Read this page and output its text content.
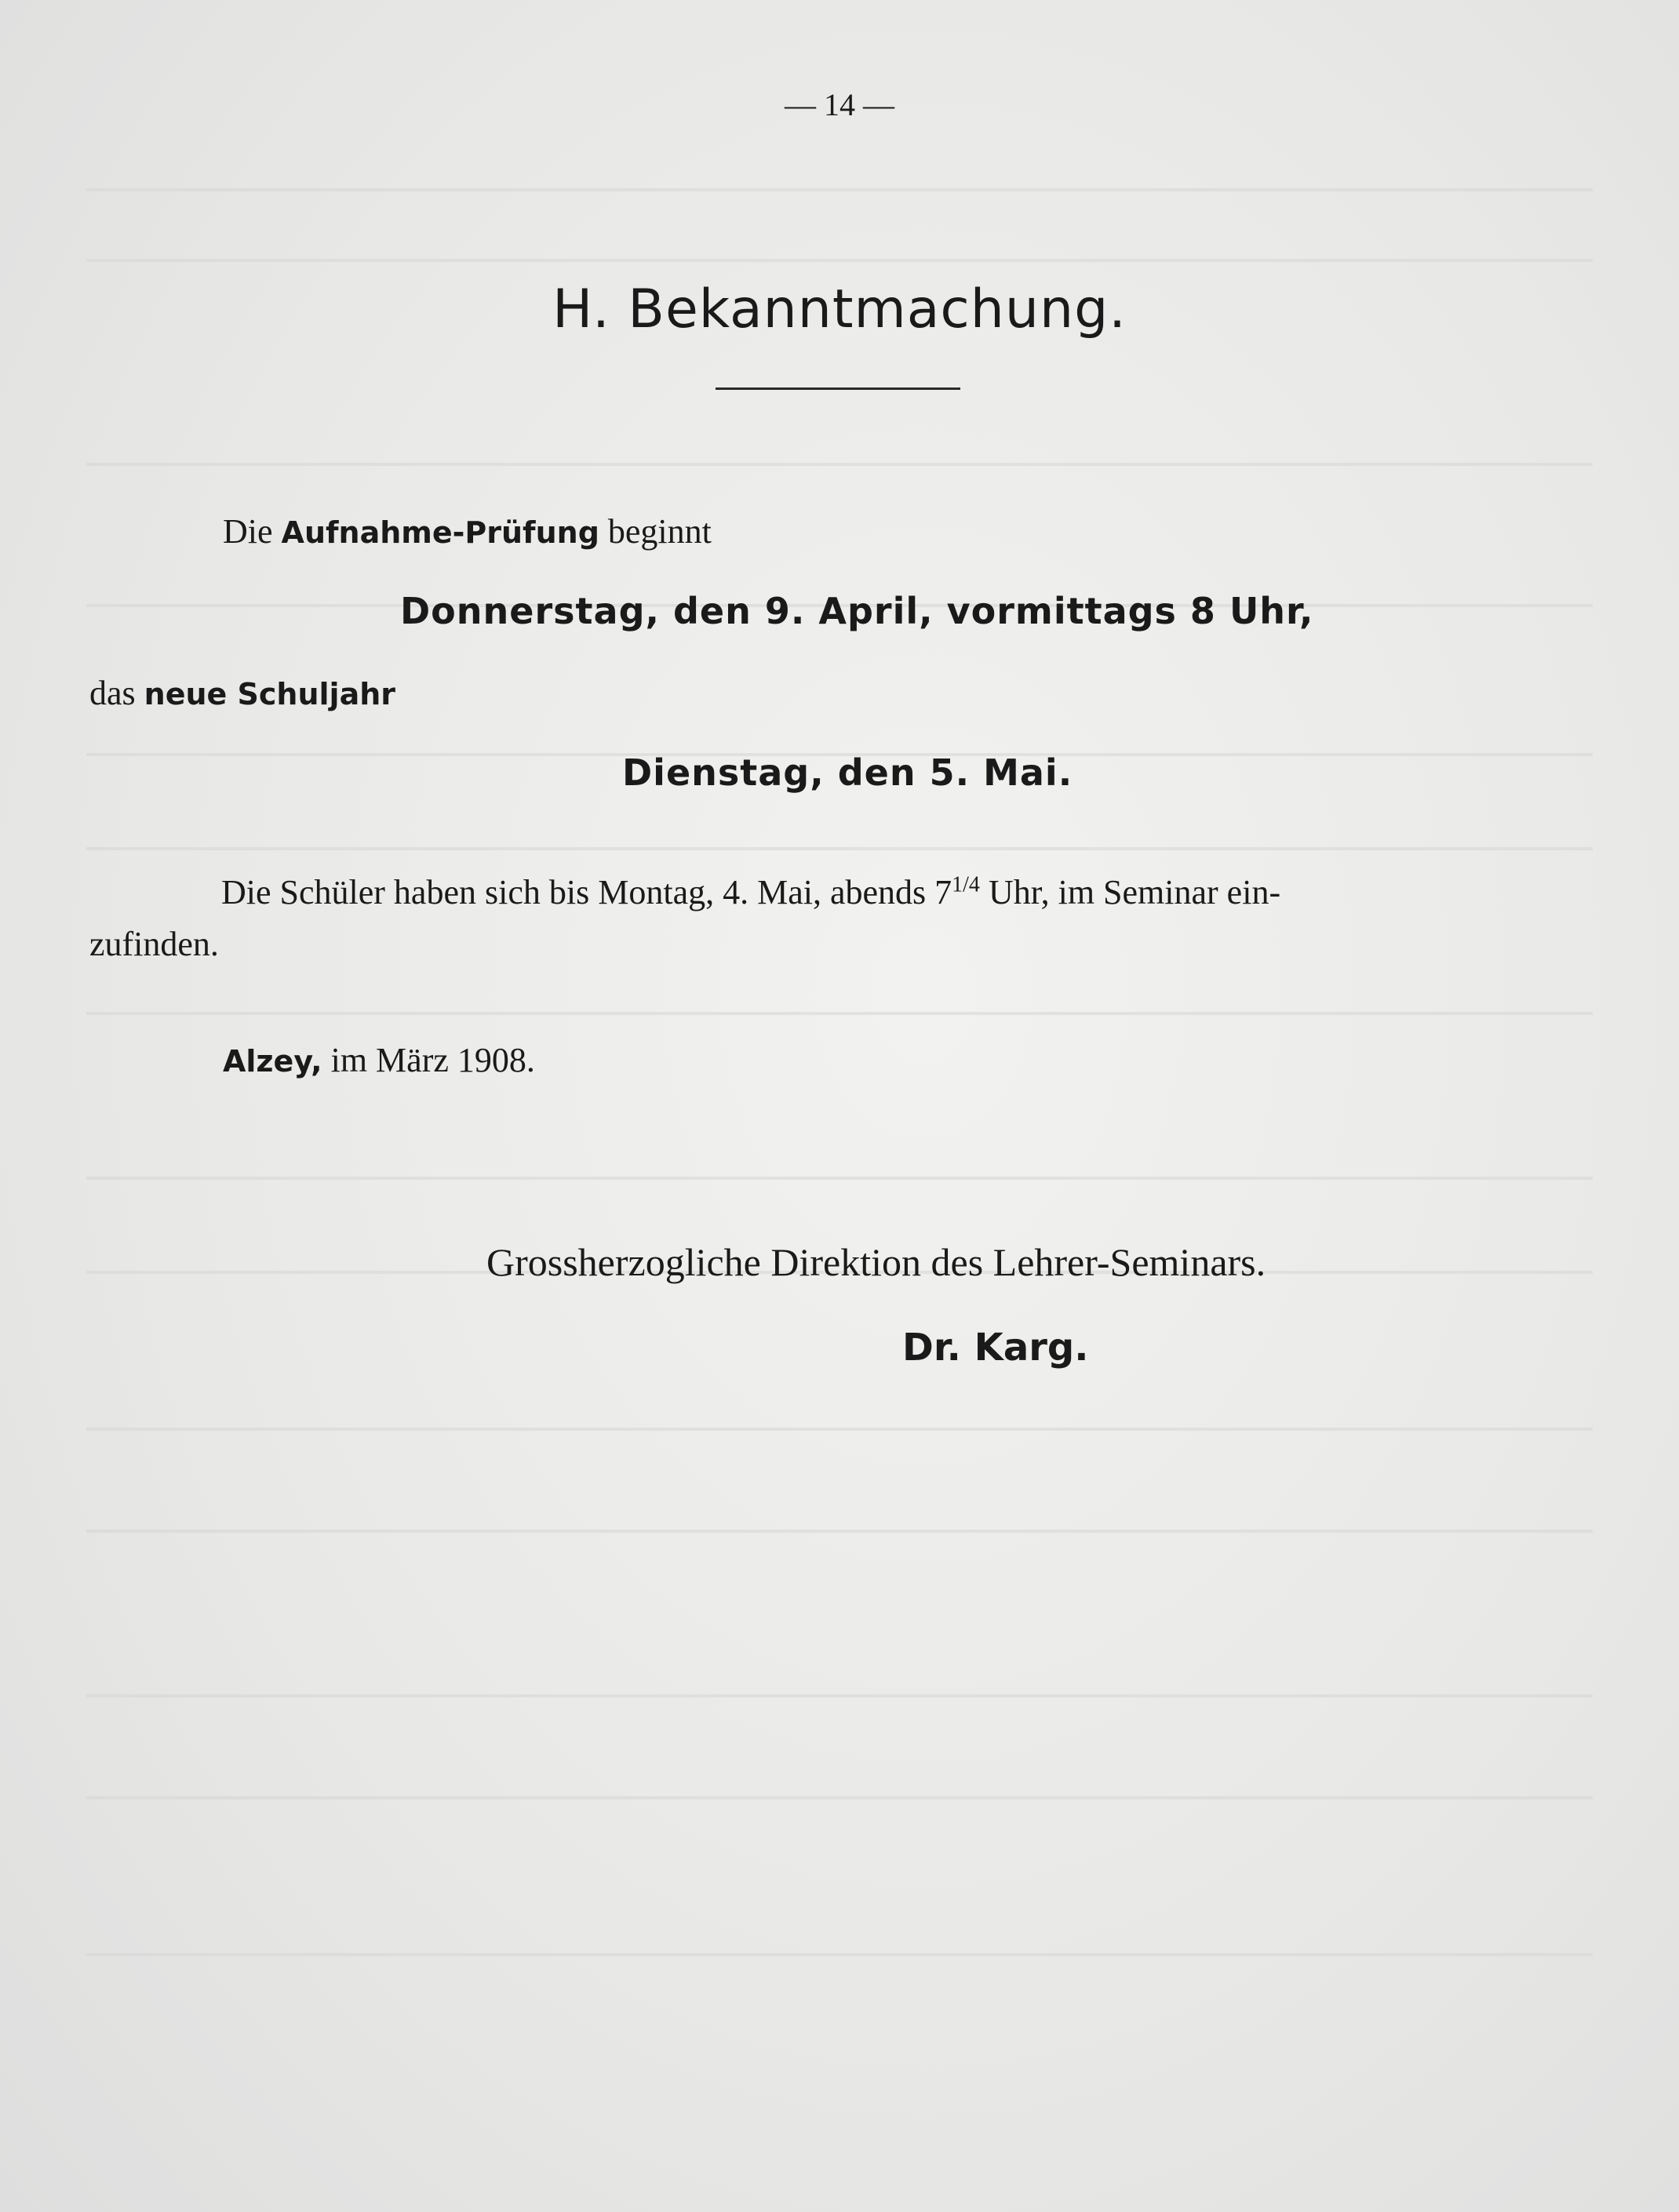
— 14 —
H. Bekanntmachung.
Die Aufnahme-Prüfung beginnt
Donnerstag, den 9. April, vormittags 8 Uhr,
das neue Schuljahr
Dienstag, den 5. Mai.
Die Schüler haben sich bis Montag, 4. Mai, abends $7^{1/4}$ Uhr, im Seminar ein-
zufinden.
Alzey, im März 1908.
Grossherzogliche Direktion des Lehrer-Seminars.
Dr. Karg.
